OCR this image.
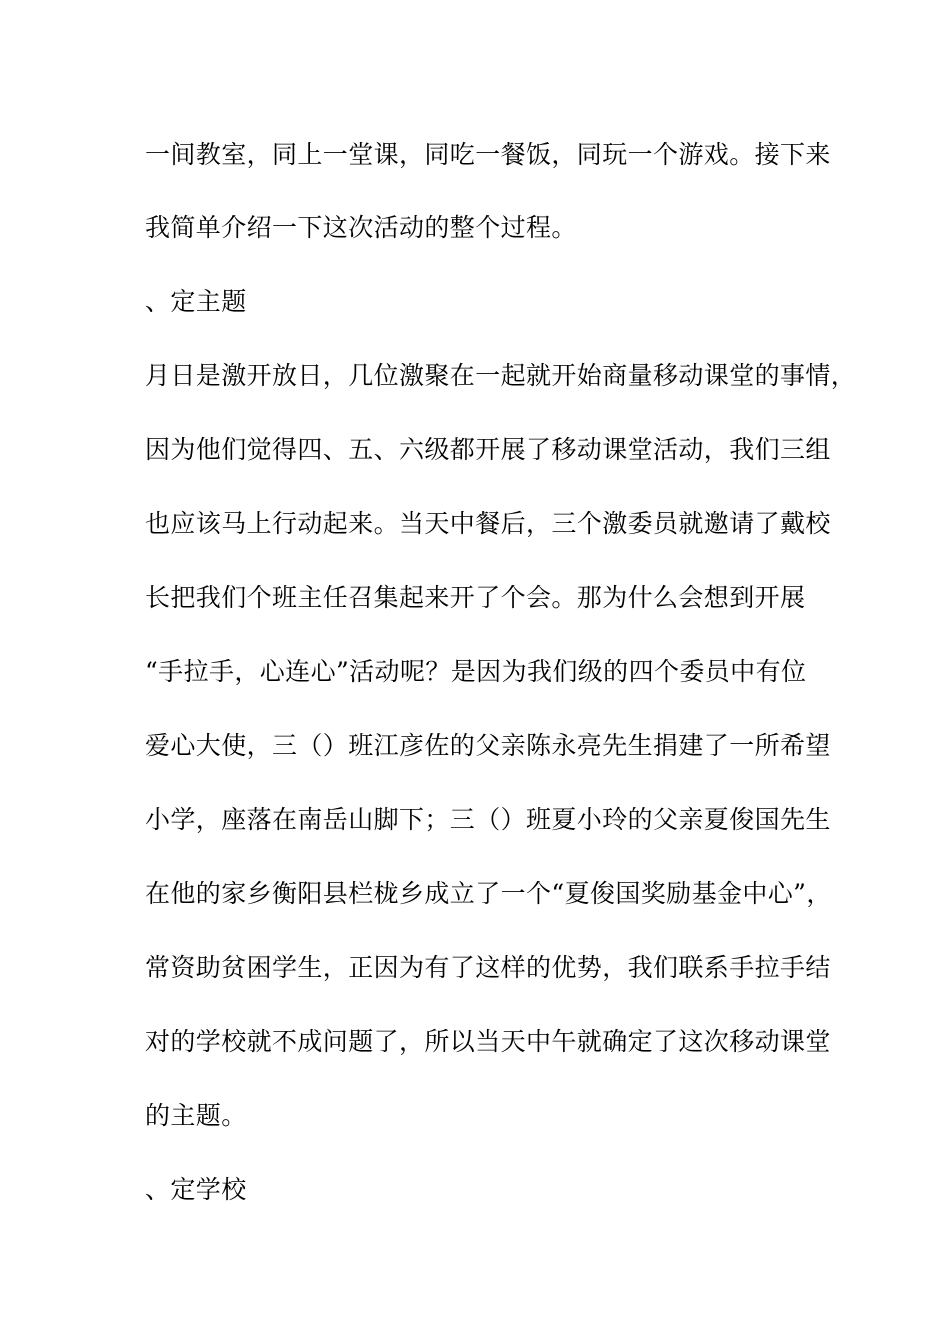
一间教室，同上一堂课，同吃一餐饭，同玩一个游戏。接下来
我简单介绍一下这次活动的整个过程。
、定主题
月日是激开放日，几位激聚在一起就开始商量移动课堂的事情，
因为他们觉得四、五、六级都开展了移动课堂活动，我们三组
也应该马上行动起来。当天中餐后，三个激委员就邀请了戴校
长把我们个班主任召集起来开了个会。那为什么会想到开展
“手拉手，心连心”活动呢？是因为我们级的四个委员中有位
爱心大使，三（）班江彦佐的父亲陈永亮先生捐建了一所希望
小学，座落在南岳山脚下；三（）班夏小玲的父亲夏俊国先生
在他的家乡衡阳县栏栊乡成立了一个“夏俊国奖励基金中心”，
常资助贫困学生，正因为有了这样的优势，我们联系手拉手结
对的学校就不成问题了，所以当天中午就确定了这次移动课堂
的主题。
、定学校
